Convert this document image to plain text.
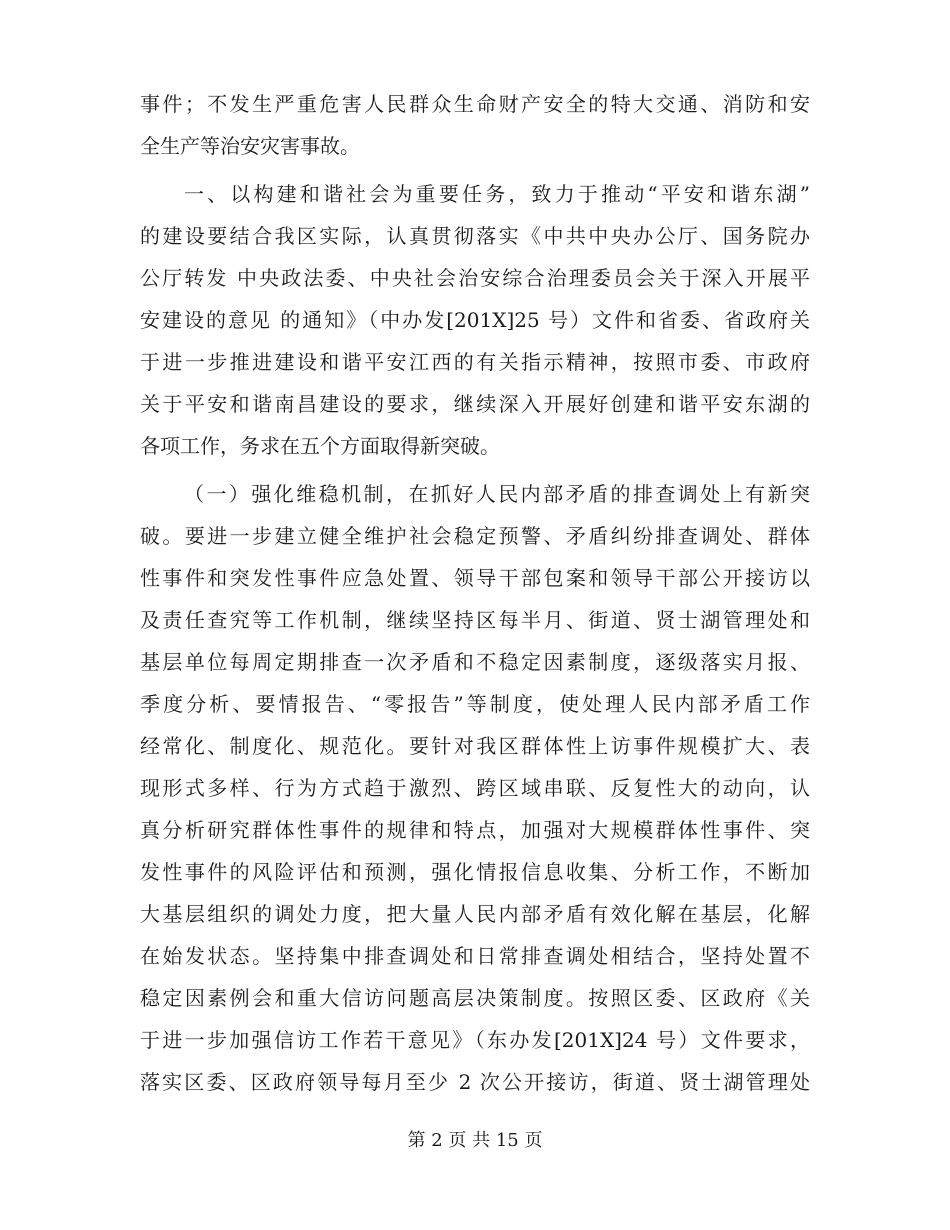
事件；不发生严重危害人民群众生命财产安全的特大交通、消防和安
全生产等治安灾害事故。
一、以构建和谐社会为重要任务，致力于推动“平安和谐东湖”
的建设要结合我区实际，认真贯彻落实《中共中央办公厅、国务院办
公厅转发 中央政法委、中央社会治安综合治理委员会关于深入开展平
安建设的意见 的通知》（中办发[201X]25 号）文件和省委、省政府关
于进一步推进建设和谐平安江西的有关指示精神，按照市委、市政府
关于平安和谐南昌建设的要求，继续深入开展好创建和谐平安东湖的
各项工作，务求在五个方面取得新突破。
（一）强化维稳机制，在抓好人民内部矛盾的排查调处上有新突
破。要进一步建立健全维护社会稳定预警、矛盾纠纷排查调处、群体
性事件和突发性事件应急处置、领导干部包案和领导干部公开接访以
及责任查究等工作机制，继续坚持区每半月、街道、贤士湖管理处和
基层单位每周定期排查一次矛盾和不稳定因素制度，逐级落实月报、
季度分析、要情报告、“零报告”等制度，使处理人民内部矛盾工作
经常化、制度化、规范化。要针对我区群体性上访事件规模扩大、表
现形式多样、行为方式趋于激烈、跨区域串联、反复性大的动向，认
真分析研究群体性事件的规律和特点，加强对大规模群体性事件、突
发性事件的风险评估和预测，强化情报信息收集、分析工作，不断加
大基层组织的调处力度，把大量人民内部矛盾有效化解在基层，化解
在始发状态。坚持集中排查调处和日常排查调处相结合，坚持处置不
稳定因素例会和重大信访问题高层决策制度。按照区委、区政府《关
于进一步加强信访工作若干意见》（东办发[201X]24 号）文件要求，
落实区委、区政府领导每月至少 2 次公开接访，街道、贤士湖管理处
第 2 页 共 15 页
